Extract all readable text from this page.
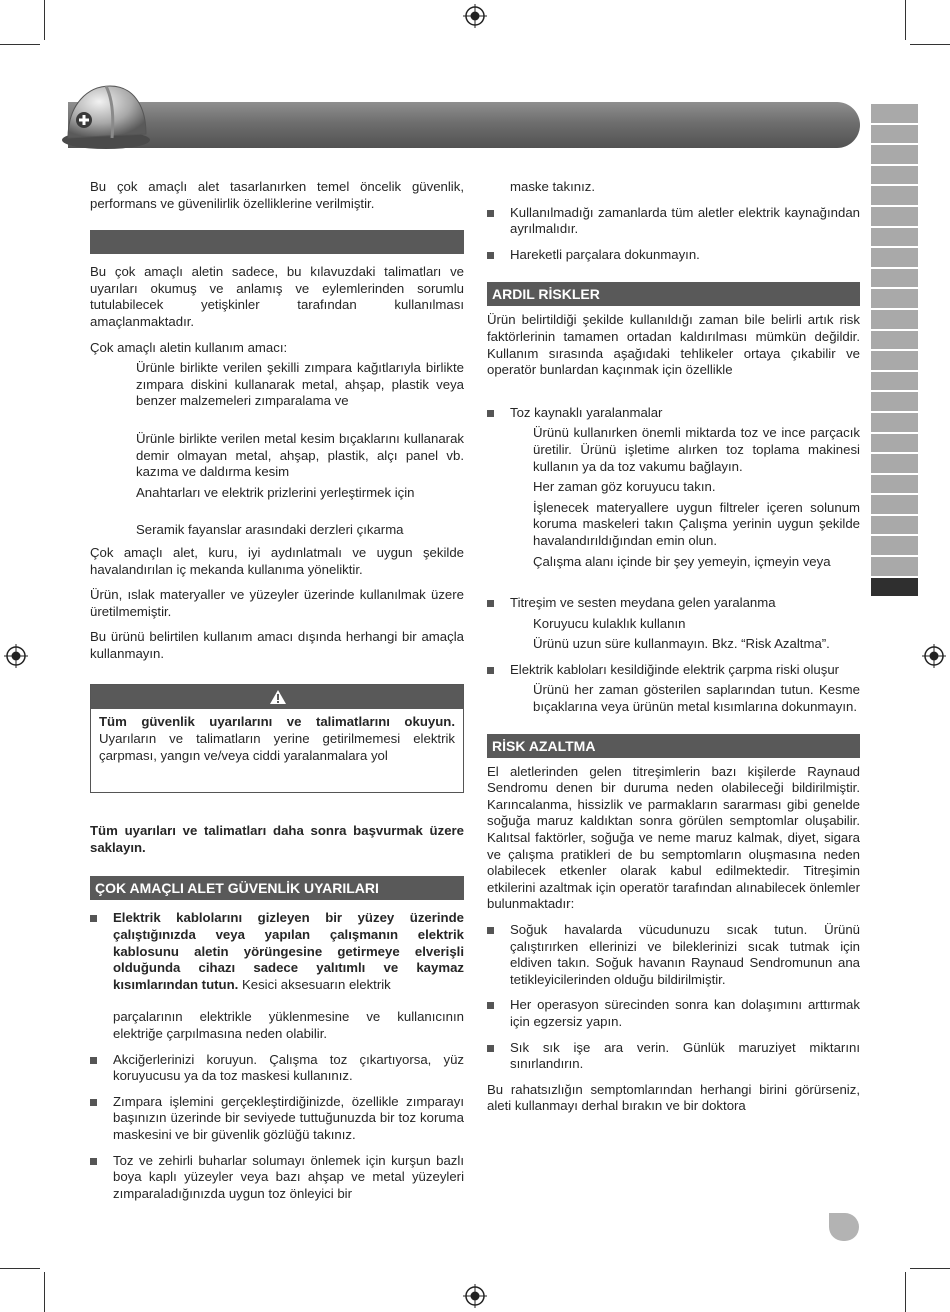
Bu çok amaçlı alet tasarlanırken temel öncelik güvenlik, performans ve güvenilirlik özelliklerine verilmiştir.

Bu çok amaçlı aletin sadece, bu kılavuzdaki talimatları ve uyarıları okumuş ve anlamış ve eylemlerinden sorumlu tutulabilecek yetişkinler tarafından kullanılması amaçlanmaktadır.

Çok amaçlı aletin kullanım amacı:

Ürünle birlikte verilen şekilli zımpara kağıtlarıyla birlikte zımpara diskini kullanarak metal, ahşap, plastik veya benzer malzemeleri zımparalama ve
Ürünle birlikte verilen metal kesim bıçaklarını kullanarak demir olmayan metal, ahşap, plastik, alçı panel vb. kazıma ve daldırma kesim
Anahtarları ve elektrik prizlerini yerleştirmek için
Seramik fayanslar arasındaki derzleri çıkarma

Çok amaçlı alet, kuru, iyi aydınlatmalı ve uygun şekilde havalandırılan iç mekanda kullanıma yöneliktir.

Ürün, ıslak materyaller ve yüzeyler üzerinde kullanılmak üzere üretilmemiştir.

Bu ürünü belirtilen kullanım amacı dışında herhangi bir amaçla kullanmayın.

Tüm güvenlik uyarılarını ve talimatlarını okuyun. Uyarıların ve talimatların yerine getirilmemesi elektrik çarpması, yangın ve/veya ciddi yaralanmalara yol

Tüm uyarıları ve talimatları daha sonra başvurmak üzere saklayın.

ÇOK AMAÇLI ALET GÜVENLİK UYARILARI
Elektrik kablolarını gizleyen bir yüzey üzerinde çalıştığınızda veya yapılan çalışmanın elektrik kablosunu aletin yörüngesine getirmeye elverişli olduğunda cihazı sadece yalıtımlı ve kaymaz kısımlarından tutun. Kesici aksesuarın elektrik
parçalarının elektrikle yüklenmesine ve kullanıcının elektriğe çarpılmasına neden olabilir.
Akciğerlerinizi koruyun. Çalışma toz çıkartıyorsa, yüz koruyucusu ya da toz maskesi kullanınız.
Zımpara işlemini gerçekleştirdiğinizde, özellikle zımparayı başınızın üzerinde bir seviyede tuttuğunuzda bir toz koruma maskesini ve bir güvenlik gözlüğü takınız.
Toz ve zehirli buharlar solumayı önlemek için kurşun bazlı boya kaplı yüzeyler veya bazı ahşap ve metal yüzeyleri zımparaladığınızda uygun toz önleyici bir
maske takınız.
Kullanılmadığı zamanlarda tüm aletler elektrik kaynağından ayrılmalıdır.
Hareketli parçalara dokunmayın.
ARDIL RİSKLER

Ürün belirtildiği şekilde kullanıldığı zaman bile belirli artık risk faktörlerinin tamamen ortadan kaldırılması mümkün değildir. Kullanım sırasında aşağıdaki tehlikeler ortaya çıkabilir ve operatör bunlardan kaçınmak için özellikle

Toz kaynaklı yaralanmalar
Ürünü kullanırken önemli miktarda toz ve ince parçacık üretilir. Ürünü işletime alırken toz toplama makinesi kullanın ya da toz vakumu bağlayın.
Her zaman göz koruyucu takın.
İşlenecek materyallere uygun filtreler içeren solunum koruma maskeleri takın Çalışma yerinin uygun şekilde havalandırıldığından emin olun.
Çalışma alanı içinde bir şey yemeyin, içmeyin veya
Titreşim ve sesten meydana gelen yaralanma
Koruyucu kulaklık kullanın
Ürünü uzun süre kullanmayın. Bkz. “Risk Azaltma”.
Elektrik kabloları kesildiğinde elektrik çarpma riski oluşur
Ürünü her zaman gösterilen saplarından tutun. Kesme bıçaklarına veya ürünün metal kısımlarına dokunmayın.
RİSK AZALTMA

El aletlerinden gelen titreşimlerin bazı kişilerde Raynaud Sendromu denen bir duruma neden olabileceği bildirilmiştir. Karıncalanma, hissizlik ve parmakların sararması gibi genelde soğuğa maruz kaldıktan sonra görülen semptomlar oluşabilir. Kalıtsal faktörler, soğuğa ve neme maruz kalmak, diyet, sigara ve çalışma pratikleri de bu semptomların oluşmasına neden olabilecek etkenler olarak kabul edilmektedir. Titreşimin etkilerini azaltmak için operatör tarafından alınabilecek önlemler bulunmaktadır:

Soğuk havalarda vücudunuzu sıcak tutun. Ürünü çalıştırırken ellerinizi ve bileklerinizi sıcak tutmak için eldiven takın. Soğuk havanın Raynaud Sendromunun ana tetikleyicilerinden olduğu bildirilmiştir.
Her operasyon sürecinden sonra kan dolaşımını arttırmak için egzersiz yapın.
Sık sık işe ara verin. Günlük maruziyet miktarını sınırlandırın.

Bu rahatsızlığın semptomlarından herhangi birini görürseniz, aleti kullanmayı derhal bırakın ve bir doktora
